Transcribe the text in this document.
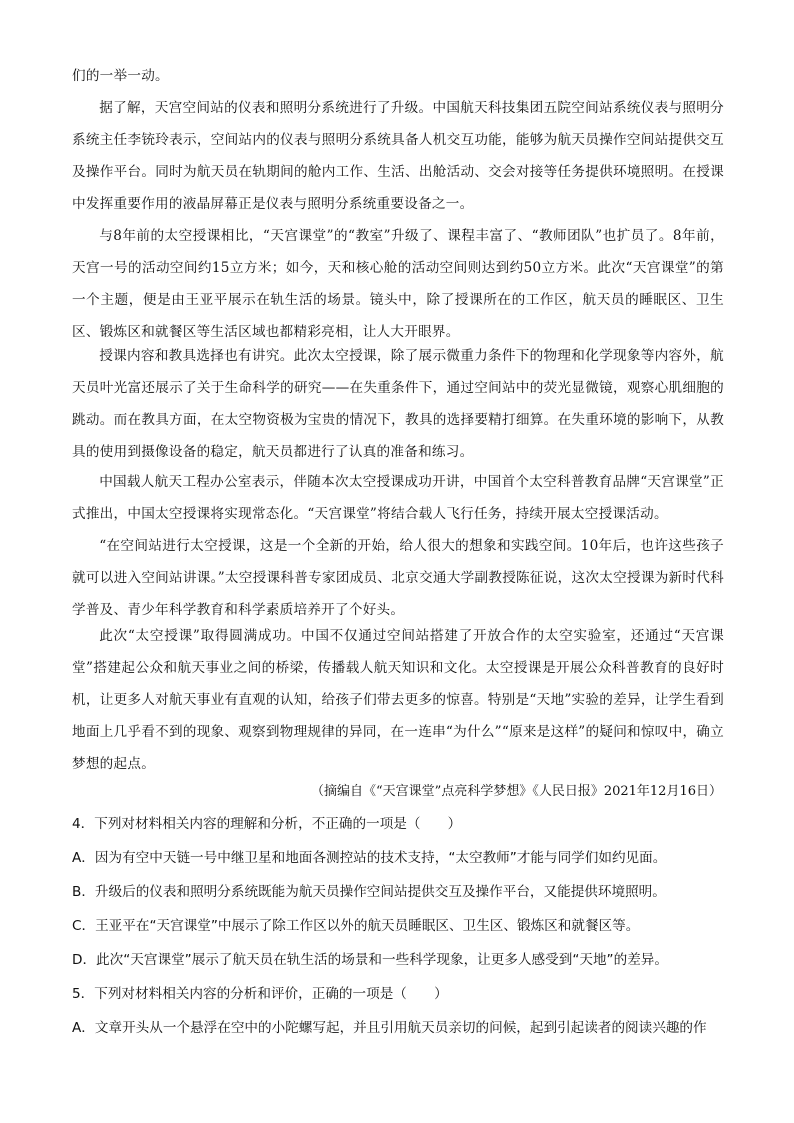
们的一举一动。

据了解，天宫空间站的仪表和照明分系统进行了升级。中国航天科技集团五院空间站系统仪表与照明分系统主任李铳玲表示，空间站内的仪表与照明分系统具备人机交互功能，能够为航天员操作空间站提供交互及操作平台。同时为航天员在轨期间的舱内工作、生活、出舱活动、交会对接等任务提供环境照明。在授课中发挥重要作用的液晶屏幕正是仪表与照明分系统重要设备之一。

与8年前的太空授课相比，“天宫课堂”的“教室”升级了、课程丰富了、“教师团队”也扩员了。8年前，天宫一号的活动空间约15立方米；如今，天和核心舱的活动空间则达到约50立方米。此次“天宫课堂”的第一个主题，便是由王亚平展示在轨生活的场景。镜头中，除了授课所在的工作区，航天员的睡眠区、卫生区、锻炼区和就餐区等生活区域也都精彩亮相，让人大开眼界。

授课内容和教具选择也有讲究。此次太空授课，除了展示微重力条件下的物理和化学现象等内容外，航天员叶光富还展示了关于生命科学的研究——在失重条件下，通过空间站中的荧光显微镜，观察心肌细胞的跳动。而在教具方面，在太空物资极为宝贵的情况下，教具的选择要精打细算。在失重环境的影响下，从教具的使用到摄像设备的稳定，航天员都进行了认真的准备和练习。

中国载人航天工程办公室表示，伴随本次太空授课成功开讲，中国首个太空科普教育品牌“天宫课堂”正式推出，中国太空授课将实现常态化。“天宫课堂”将结合载人飞行任务，持续开展太空授课活动。

“在空间站进行太空授课，这是一个全新的开始，给人很大的想象和实践空间。10年后，也许这些孩子就可以进入空间站讲课。”太空授课科普专家团成员、北京交通大学副教授陈征说，这次太空授课为新时代科学普及、青少年科学教育和科学素质培养开了个好头。

此次“太空授课”取得圆满成功。中国不仅通过空间站搭建了开放合作的太空实验室，还通过“天宫课堂”搭建起公众和航天事业之间的桥梁，传播载人航天知识和文化。太空授课是开展公众科普教育的良好时机，让更多人对航天事业有直观的认知，给孩子们带去更多的惊喜。特别是“天地”实验的差异，让学生看到地面上几乎看不到的现象、观察到物理规律的异同，在一连串“为什么”“原来是这样”的疑问和惊叹中，确立梦想的起点。

（摘编自《“天宫课堂”点亮科学梦想》《人民日报》2021年12月16日）

4．下列对材料相关内容的理解和分析，不正确的一项是（　　）

A．因为有空中天链一号中继卫星和地面各测控站的技术支持，“太空教师”才能与同学们如约见面。

B．升级后的仪表和照明分系统既能为航天员操作空间站提供交互及操作平台，又能提供环境照明。

C．王亚平在“天宫课堂”中展示了除工作区以外的航天员睡眠区、卫生区、锻炼区和就餐区等。

D．此次“天宫课堂”展示了航天员在轨生活的场景和一些科学现象，让更多人感受到“天地”的差异。

5．下列对材料相关内容的分析和评价，正确的一项是（　　）

A．文章开头从一个悬浮在空中的小陀螺写起，并且引用航天员亲切的问候，起到引起读者的阅读兴趣的作
